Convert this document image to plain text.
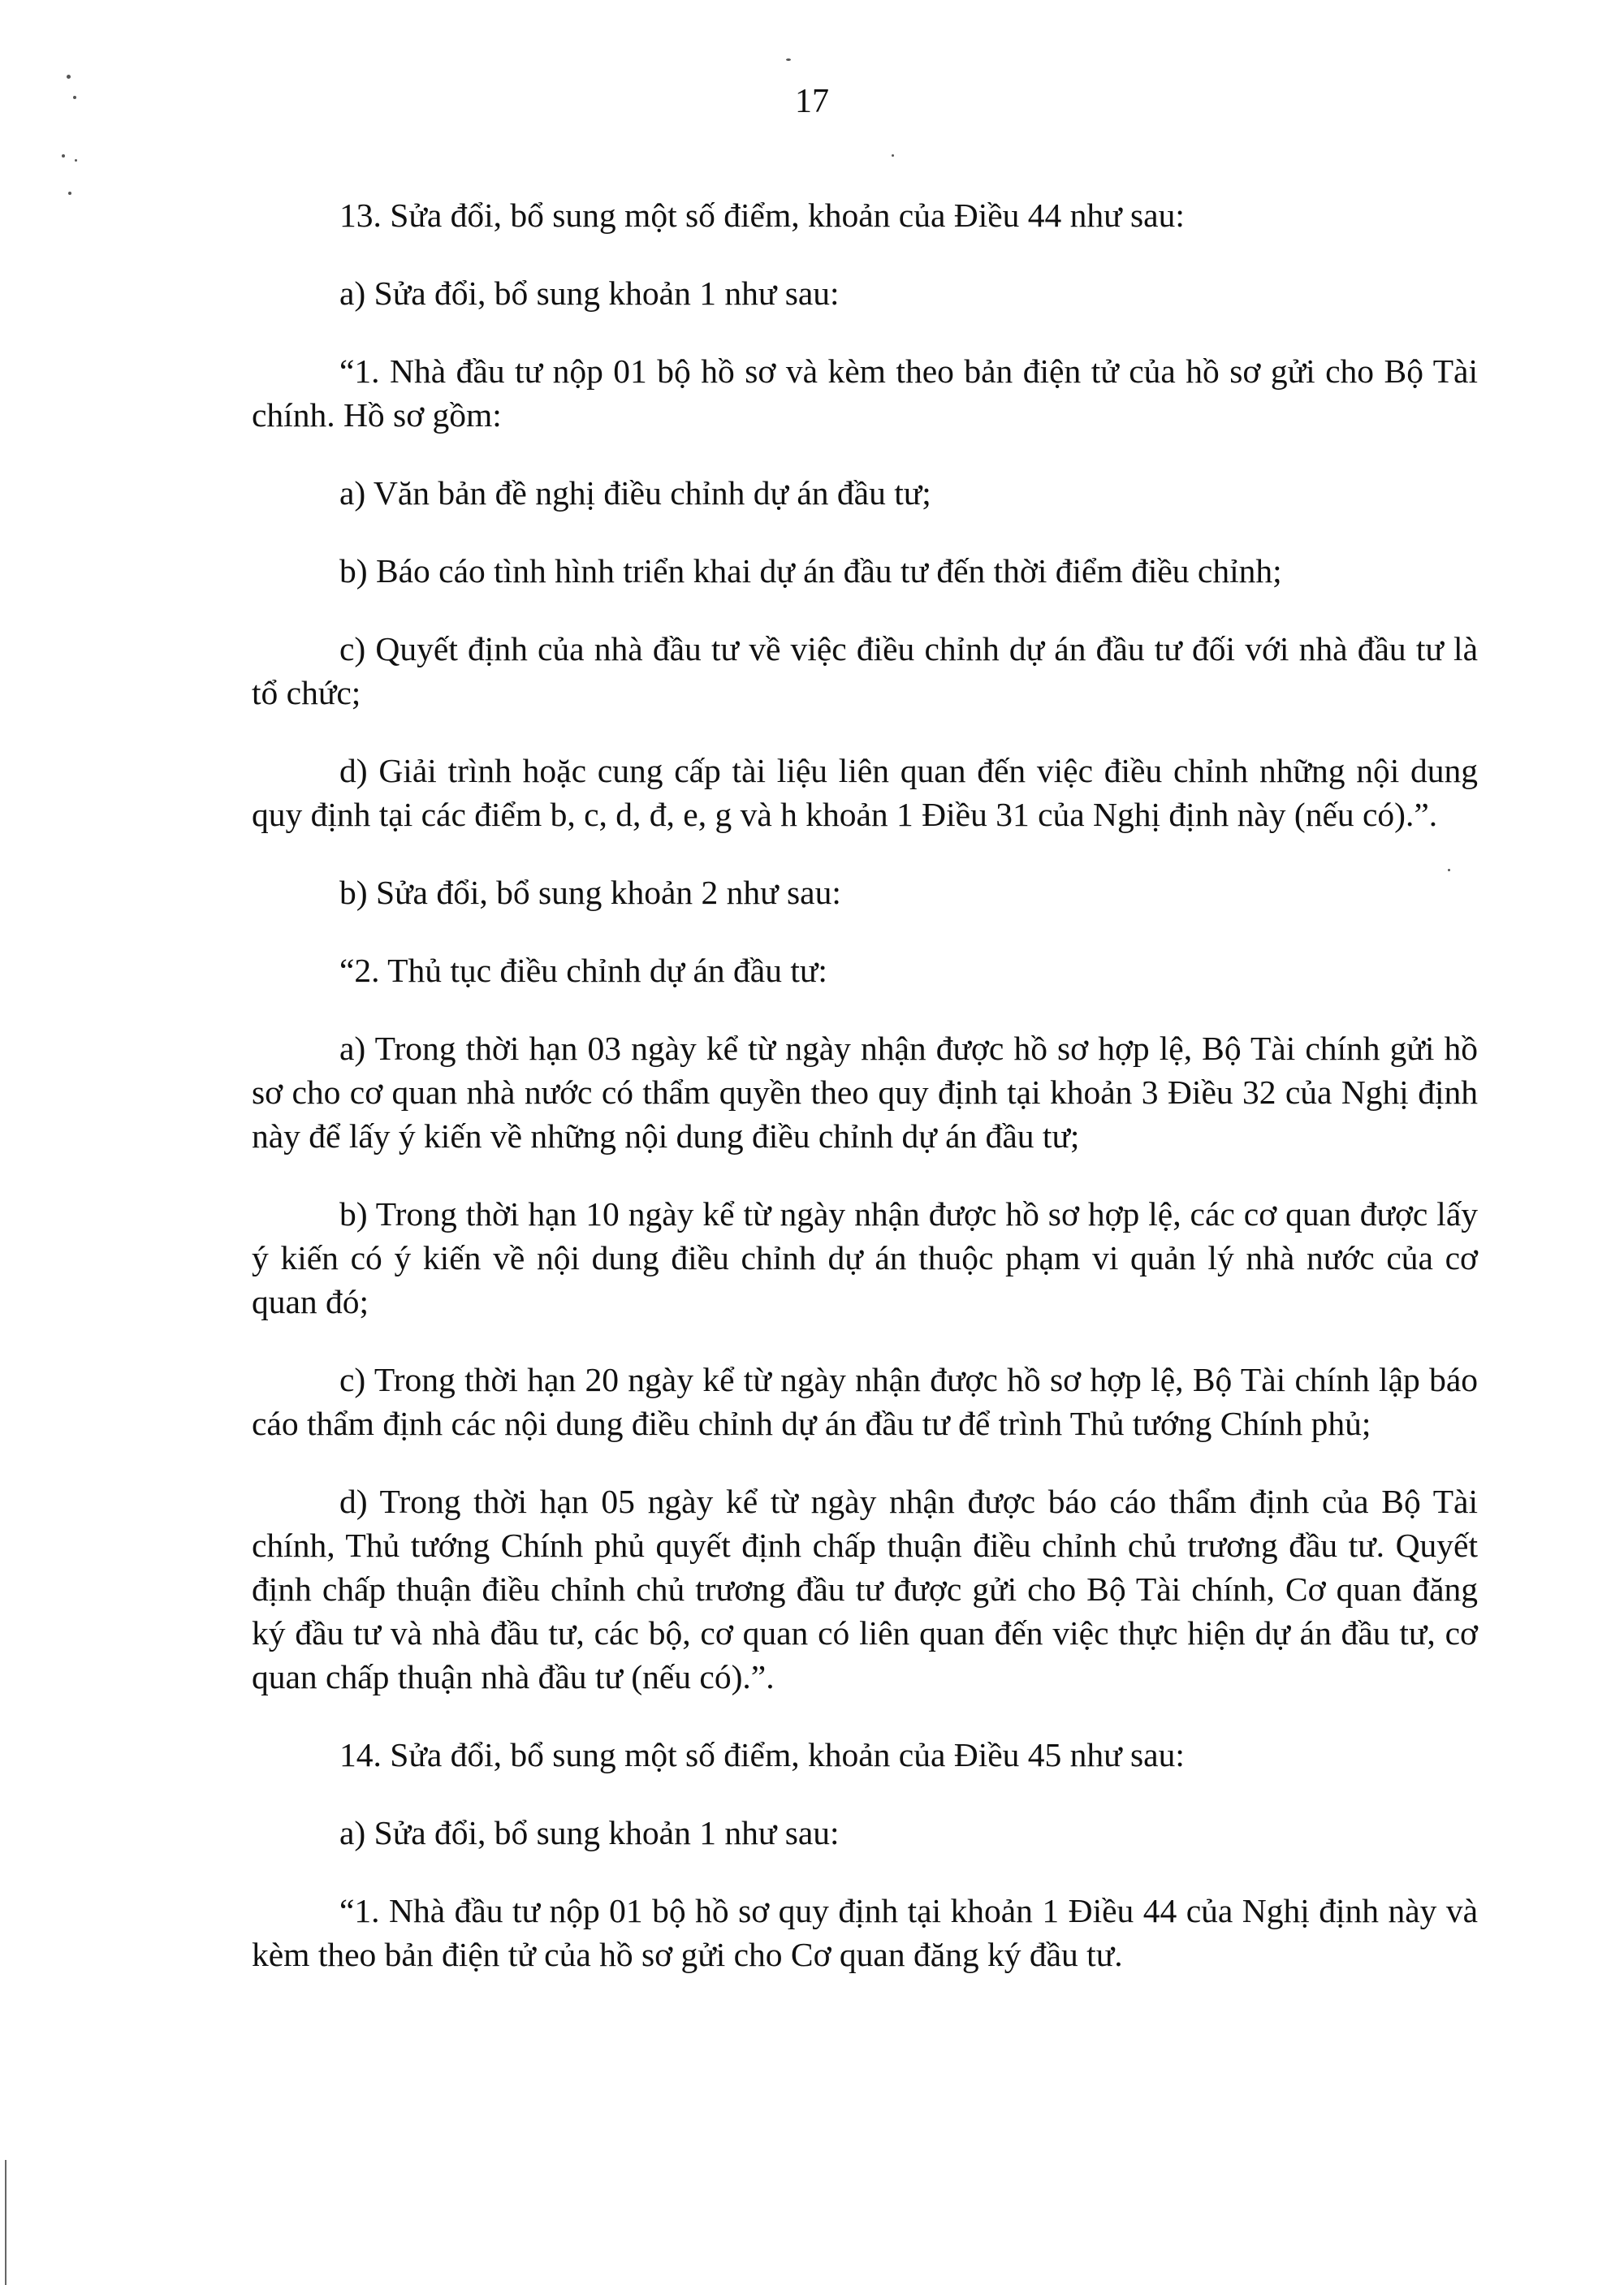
17

13. Sửa đổi, bổ sung một số điểm, khoản của Điều 44 như sau:

a) Sửa đổi, bổ sung khoản 1 như sau:

“1. Nhà đầu tư nộp 01 bộ hồ sơ và kèm theo bản điện tử của hồ sơ gửi cho Bộ Tài chính. Hồ sơ gồm:

a) Văn bản đề nghị điều chỉnh dự án đầu tư;

b) Báo cáo tình hình triển khai dự án đầu tư đến thời điểm điều chỉnh;

c) Quyết định của nhà đầu tư về việc điều chỉnh dự án đầu tư đối với nhà đầu tư là tổ chức;

d) Giải trình hoặc cung cấp tài liệu liên quan đến việc điều chỉnh những nội dung quy định tại các điểm b, c, d, đ, e, g và h khoản 1 Điều 31 của Nghị định này (nếu có).”.

b) Sửa đổi, bổ sung khoản 2 như sau:

“2. Thủ tục điều chỉnh dự án đầu tư:

a) Trong thời hạn 03 ngày kể từ ngày nhận được hồ sơ hợp lệ, Bộ Tài chính gửi hồ sơ cho cơ quan nhà nước có thẩm quyền theo quy định tại khoản 3 Điều 32 của Nghị định này để lấy ý kiến về những nội dung điều chỉnh dự án đầu tư;

b) Trong thời hạn 10 ngày kể từ ngày nhận được hồ sơ hợp lệ, các cơ quan được lấy ý kiến có ý kiến về nội dung điều chỉnh dự án thuộc phạm vi quản lý nhà nước của cơ quan đó;

c) Trong thời hạn 20 ngày kể từ ngày nhận được hồ sơ hợp lệ, Bộ Tài chính lập báo cáo thẩm định các nội dung điều chỉnh dự án đầu tư để trình Thủ tướng Chính phủ;

d) Trong thời hạn 05 ngày kể từ ngày nhận được báo cáo thẩm định của Bộ Tài chính, Thủ tướng Chính phủ quyết định chấp thuận điều chỉnh chủ trương đầu tư. Quyết định chấp thuận điều chỉnh chủ trương đầu tư được gửi cho Bộ Tài chính, Cơ quan đăng ký đầu tư và nhà đầu tư, các bộ, cơ quan có liên quan đến việc thực hiện dự án đầu tư, cơ quan chấp thuận nhà đầu tư (nếu có).”.

14. Sửa đổi, bổ sung một số điểm, khoản của Điều 45 như sau:

a) Sửa đổi, bổ sung khoản 1 như sau:

“1. Nhà đầu tư nộp 01 bộ hồ sơ quy định tại khoản 1 Điều 44 của Nghị định này và kèm theo bản điện tử của hồ sơ gửi cho Cơ quan đăng ký đầu tư.
